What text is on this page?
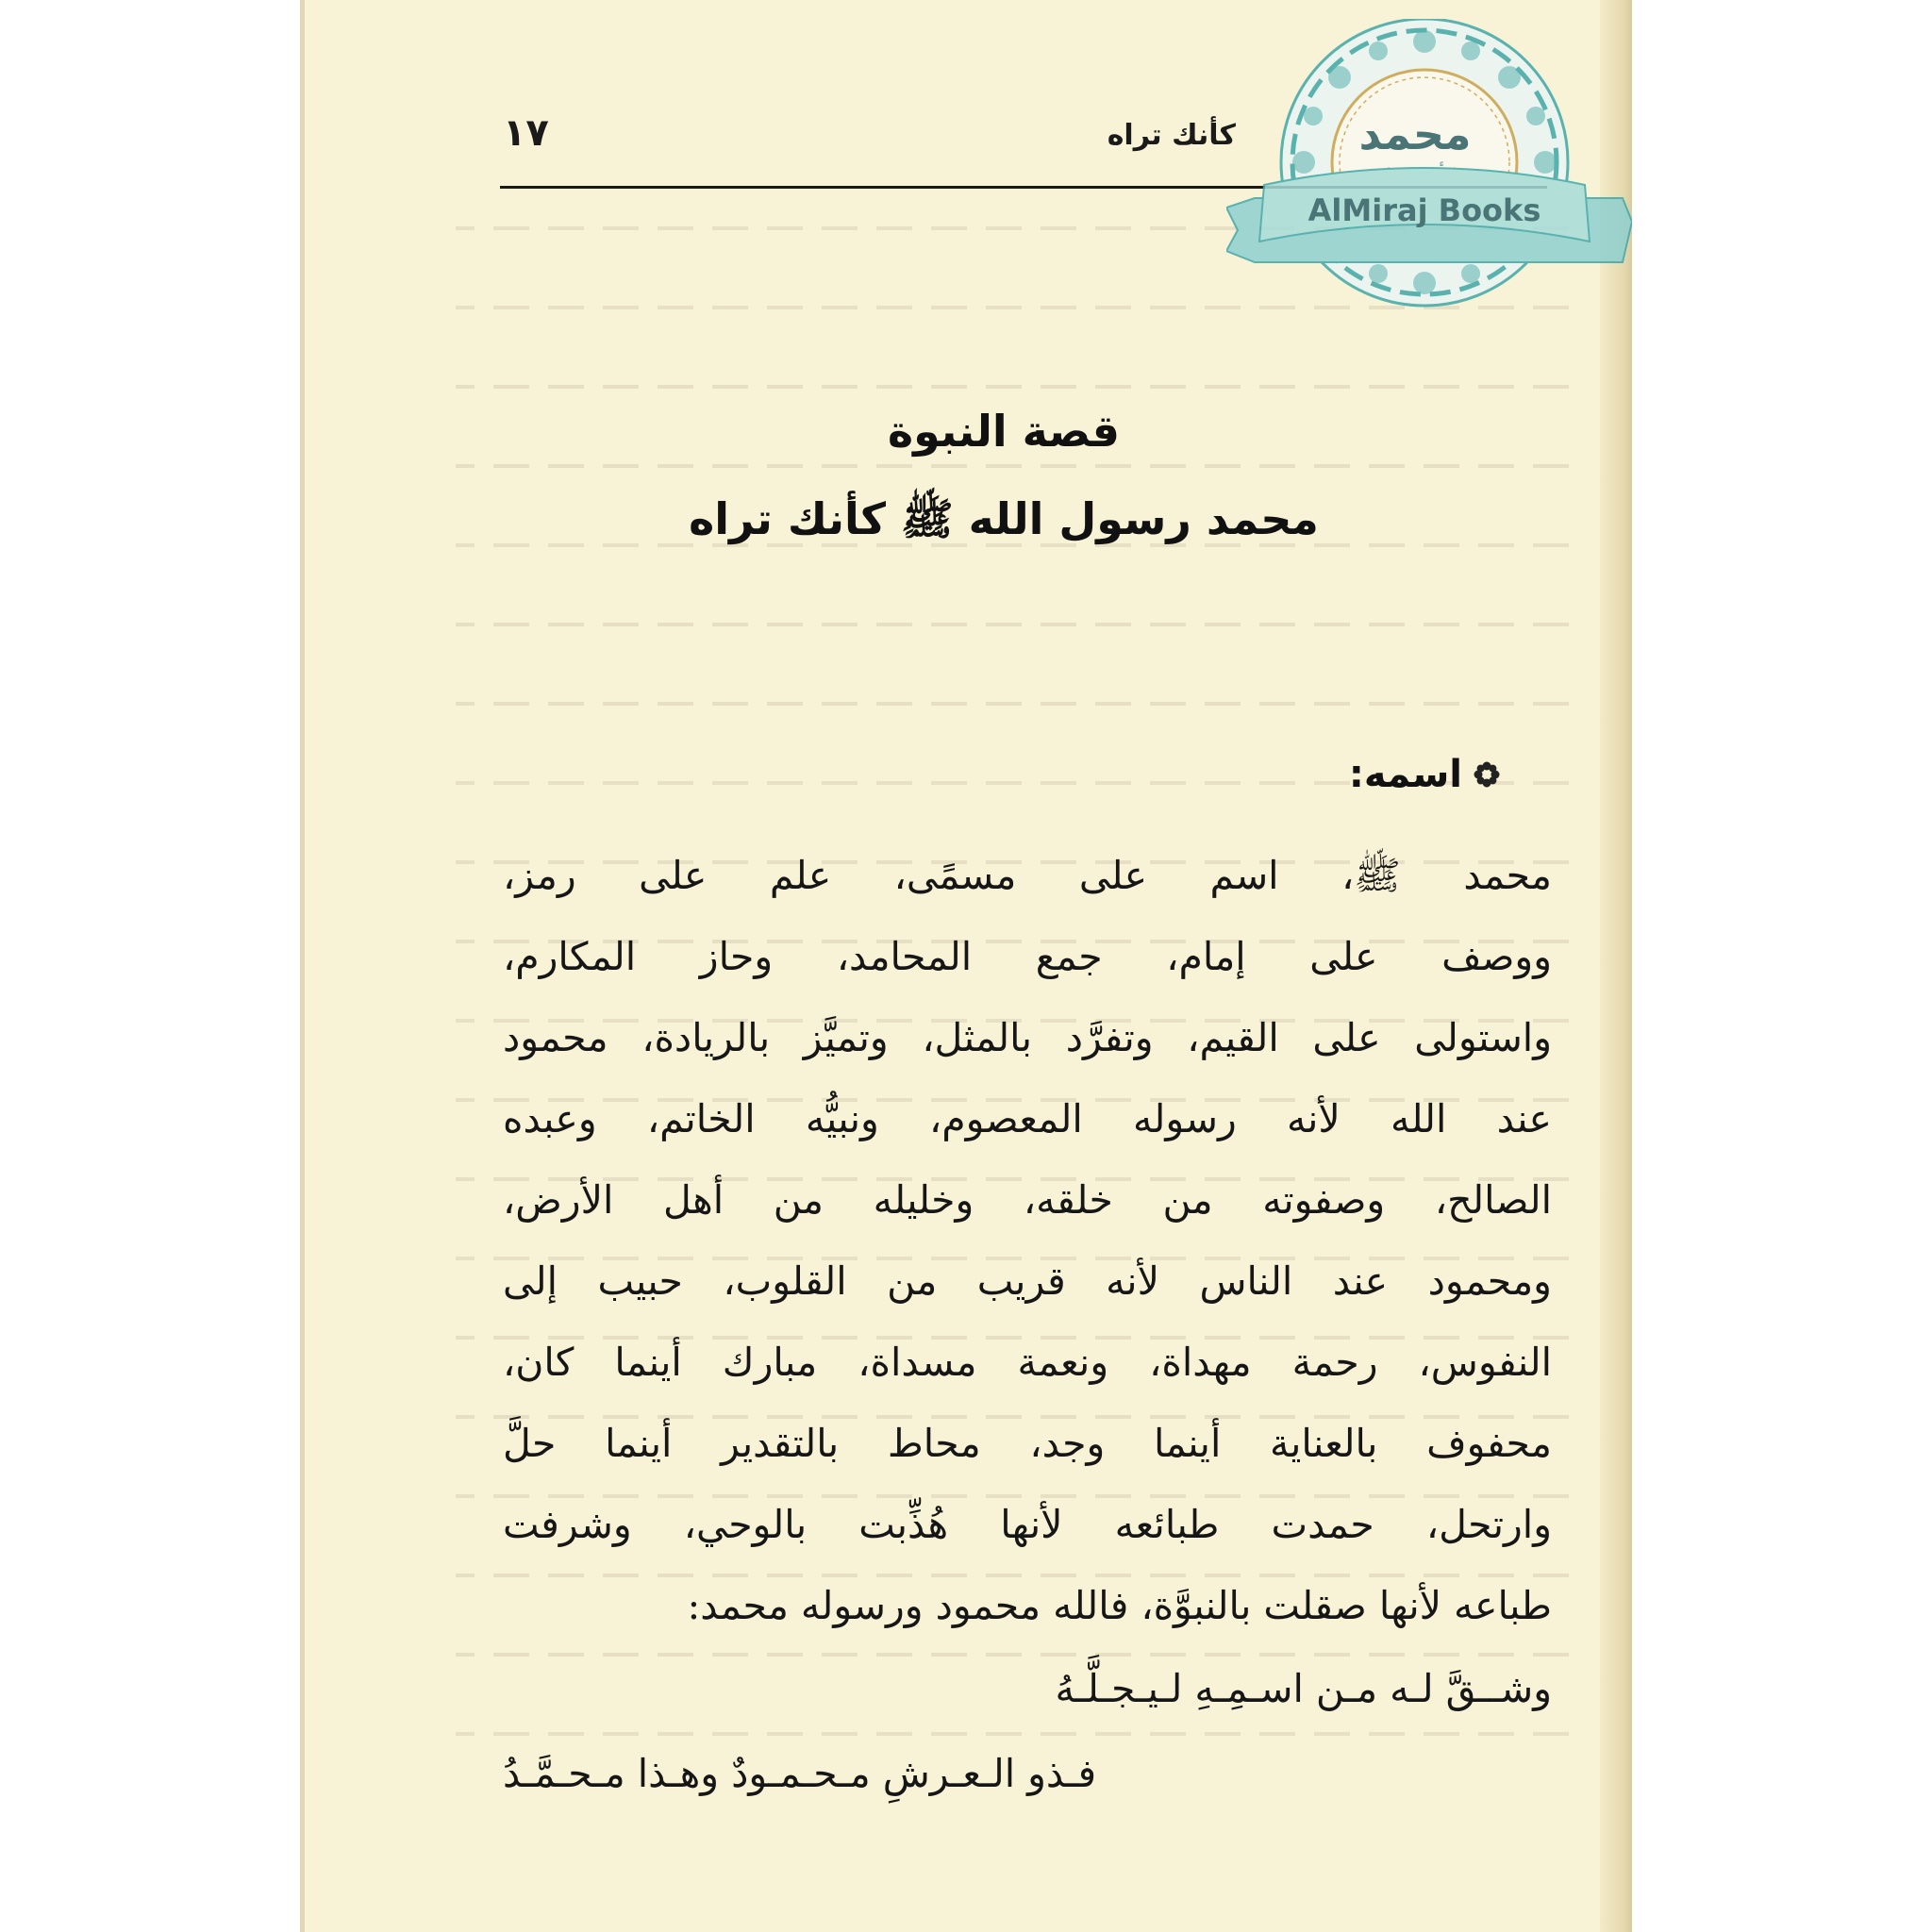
كأنك تراه
١٧
قصة النبوة
محمد رسول الله ﷺ كأنك تراه
اسمه:
محمد ﷺ، اسم على مسمًى، علم على رمز،
ووصف على إمام، جمع المحامد، وحاز المكارم،
واستولى على القيم، وتفرَّد بالمثل، وتميَّز بالريادة، محمود
عند الله لأنه رسوله المعصوم، ونبيُّه الخاتم، وعبده
الصالح، وصفوته من خلقه، وخليله من أهل الأرض،
ومحمود عند الناس لأنه قريب من القلوب، حبيب إلى
النفوس، رحمة مهداة، ونعمة مسداة، مبارك أينما كان،
محفوف بالعناية أينما وجد، محاط بالتقدير أينما حلَّ
وارتحل، حمدت طبائعه لأنها هُذِّبت بالوحي، وشرفت
طباعه لأنها صقلت بالنبوَّة، فالله محمود ورسوله محمد:
وشــقَّ لـه مـن اسـمِـهِ لـيـجـلَّـهُ
فـذو الـعـرشِ مـحـمـودٌ وهـذا مـحـمَّـدُ
محمد
AlMiraj Books
